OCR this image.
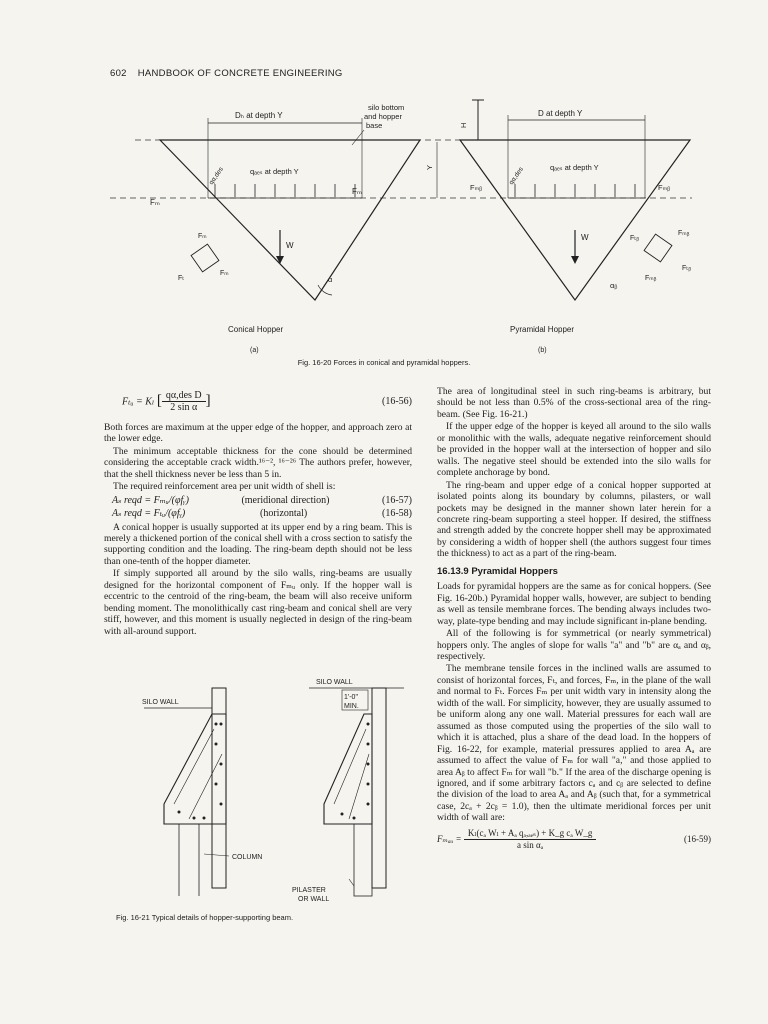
602 HANDBOOK OF CONCRETE ENGINEERING
Dₕ at depth Y
silo bottom
and hopper
base	H
Y
qₐₑₛ at depth Y
qα,des
Fₘ
Fₘ
W
Fₘ
Fₜ
Fₘ
α
D at depth Y
qₐₑₛ at depth Y
qα,des
Fₘᵦ	Fₘᵦ
W	Fₜᵦ
Fₘᵦ
Fₜᵦ
Fₘᵦ
αᵦ
Conical Hopper
(a)
Pyramidal Hopper
(b)
Fig. 16-20 Forces in conical and pyramidal hoppers.
Fₜᵤ = Kₗ [ $\frac{\text{qα,des D}}{\text{2 sin α}}$ ]	(16-56)

Both forces are maximum at the upper edge of the hopper, and approach zero at the lower edge.

The minimum acceptable thickness for the cone should be determined considering the acceptable crack width.¹⁶⁻², ¹⁶⁻²⁶ The authors prefer, however, that the shell thickness never be less than 5 in.

The required reinforcement area per unit width of shell is:

Aₛ reqd = Fₘᵤ/(φfᵧ)	(meridional direction)	(16-57)
Aₛ reqd = Fₜᵤ/(φfᵧ)	(horizontal)	(16-58)

A conical hopper is usually supported at its upper end by a ring beam. This is merely a thickened portion of the conical shell with a cross section to satisfy the supporting condition and the loading. The ring-beam depth should not be less than one-tenth of the hopper diameter.

If simply supported all around by the silo walls, ring-beams are usually designed for the horizontal component of Fₘᵤ only. If the hopper wall is eccentric to the centroid of the ring-beam, the beam will also receive uniform bending moment. The monolithically cast ring-beam and conical shell are very stiff, however, and this moment is usually neglected in design of the ring-beam with all-around support.

SILO WALL
COLUMN
SILO WALL
1'-0"
MIN.
PILASTER
OR WALL
Fig. 16-21 Typical details of hopper-supporting beam.

The area of longitudinal steel in such ring-beams is arbitrary, but should be not less than 0.5% of the cross-sectional area of the ring-beam. (See Fig. 16-21.)

If the upper edge of the hopper is keyed all around to the silo walls or monolithic with the walls, adequate negative reinforcement should be provided in the hopper wall at the intersection of hopper and silo walls. The negative steel should be extended into the silo walls for complete anchorage by bond.

The ring-beam and upper edge of a conical hopper supported at isolated points along its boundary by columns, pilasters, or wall pockets may be designed in the manner shown later herein for a concrete ring-beam supporting a steel hopper. If desired, the stiffness and strength added by the concrete hopper shell may be approximated by considering a width of hopper shell (the authors suggest four times the thickness) to act as a part of the ring-beam.

16.13.9 Pyramidal Hoppers

Loads for pyramidal hoppers are the same as for conical hoppers. (See Fig. 16-20b.) Pyramidal hopper walls, however, are subject to bending as well as tensile membrane forces. The bending always includes two-way, plate-type bending and may include significant in-plane bending.

All of the following is for symmetrical (or nearly symmetrical) hoppers only. The angles of slope for walls "a" and "b" are αₐ and αᵦ, respectively.

The membrane tensile forces in the inclined walls are assumed to consist of horizontal forces, Fₜ, and forces, Fₘ, in the plane of the wall and normal to Fₜ. Forces Fₘ per unit width vary in intensity along the width of the wall. For simplicity, however, they are usually assumed to be uniform along any one wall. Material pressures for each wall are assumed as those computed using the properties of the silo wall to which it is attached, plus a share of the dead load. In the hoppers of Fig. 16-22, for example, material pressures applied to area Aₐ are assumed to affect the value of Fₘ for wall "a," and those applied to area Aᵦ to affect Fₘ for wall "b." If the area of the discharge opening is ignored, and if some arbitrary factors cₐ and cᵦ are selected to define the division of the load to area Aₐ and Aᵦ (such that, for a symmetrical case, 2cₐ + 2cᵦ = 1.0), then the ultimate meridional forces per unit width of wall are:

Fₘₐᵤ = $\frac{\text{Kₗ(cₐ Wₗ + Aₐ qₐ,ₐₑₛ) + K\_g cₐ W\_g}}{\text{a sin αₐ}}$	(16-59)
